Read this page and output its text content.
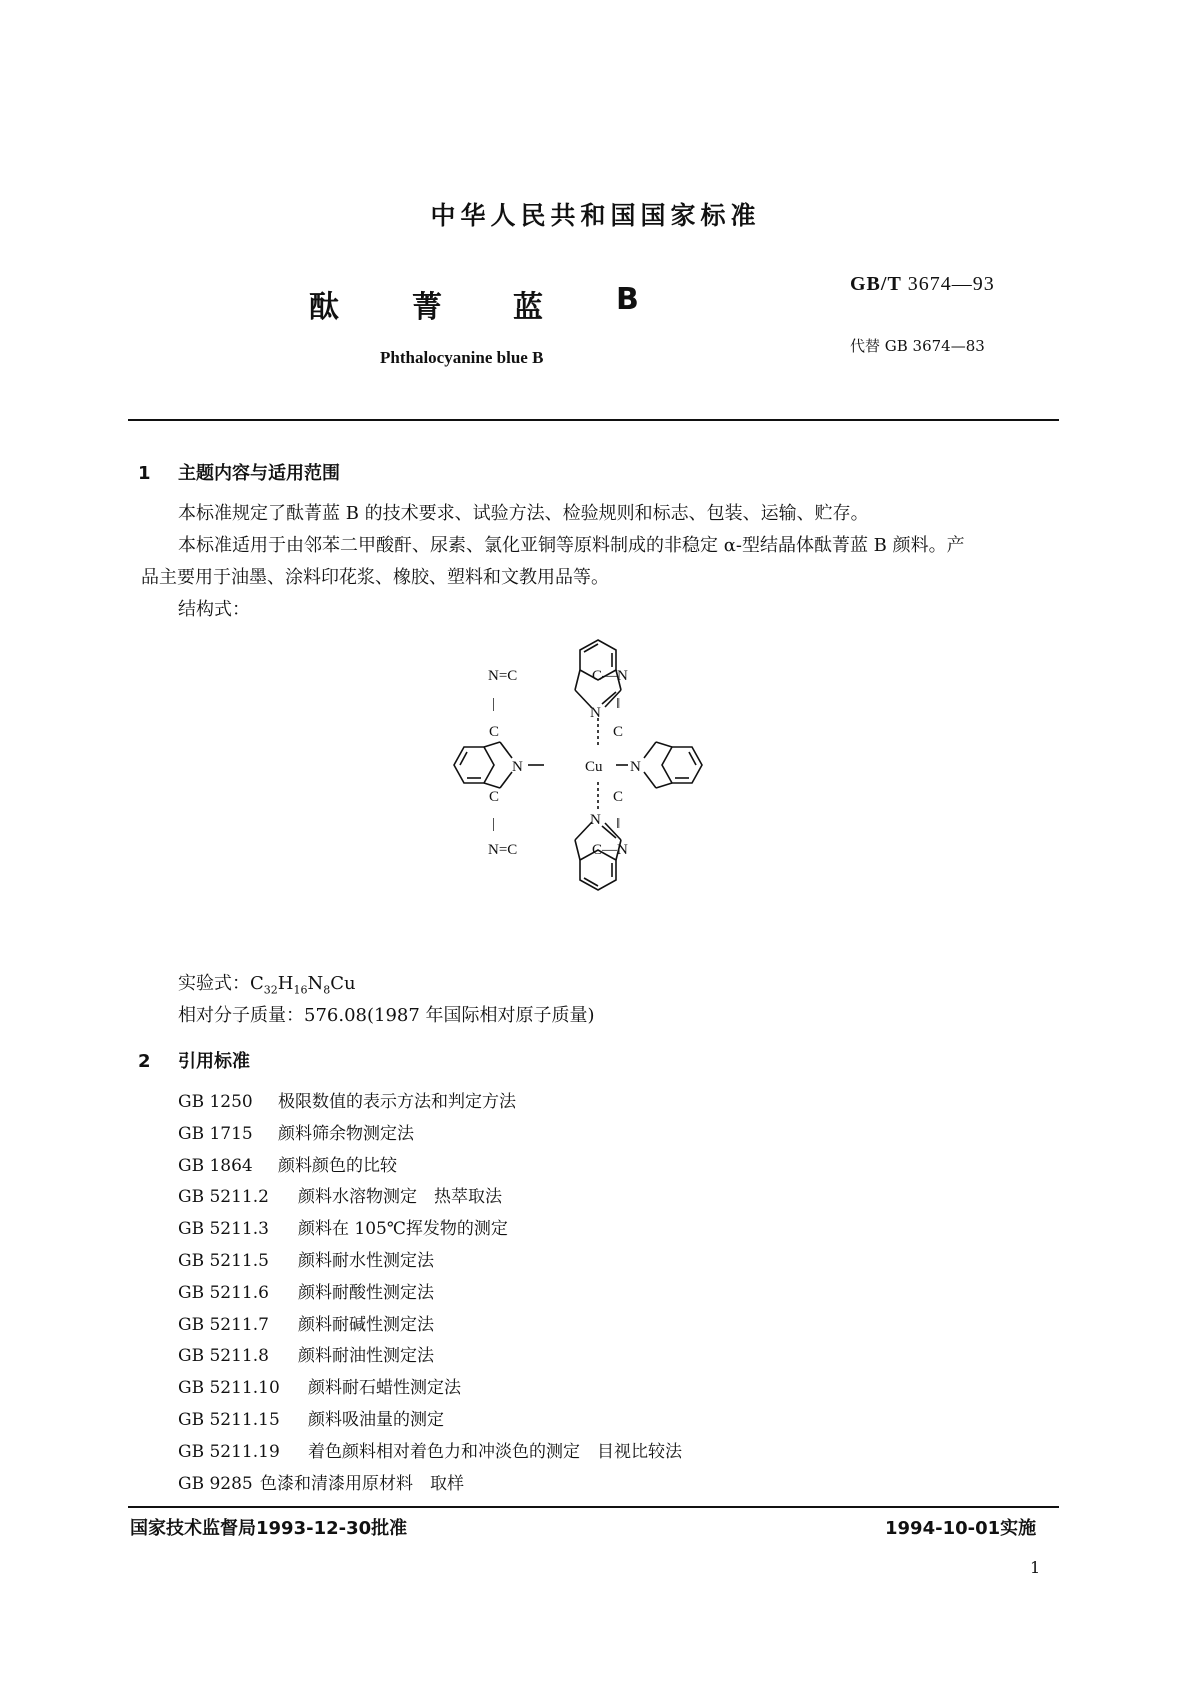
中华人民共和国国家标准
酞 菁 蓝 B
Phthalocyanine blue B
GB/T 3674—93
代替 GB 3674—83
1 主题内容与适用范围
本标准规定了酞菁蓝 B 的技术要求、试验方法、检验规则和标志、包装、运输、贮存。
本标准适用于由邻苯二甲酸酐、尿素、氯化亚铜等原料制成的非稳定 α-型结晶体酞菁蓝 B 颜料。产
品主要用于油墨、涂料印花浆、橡胶、塑料和文教用品等。
结构式：
N
N
N	N
Cu
N=C
|
C
C
|
N=C
C—N
‖
C
C
‖
C—N
实验式：$C_{32}H_{16}N_8Cu$
相对分子质量：576.08(1987 年国际相对原子质量)
2 引用标准
GB 1250 极限数值的表示方法和判定方法
GB 1715 颜料筛余物测定法
GB 1864 颜料颜色的比较
GB 5211.2 颜料水溶物测定　热萃取法
GB 5211.3 颜料在 105℃挥发物的测定
GB 5211.5 颜料耐水性测定法
GB 5211.6 颜料耐酸性测定法
GB 5211.7 颜料耐碱性测定法
GB 5211.8 颜料耐油性测定法
GB 5211.10 颜料耐石蜡性测定法
GB 5211.15 颜料吸油量的测定
GB 5211.19 着色颜料相对着色力和冲淡色的测定　目视比较法
GB 9285 色漆和清漆用原材料　取样
国家技术监督局1993-12-30批准	1994-10-01实施
1
